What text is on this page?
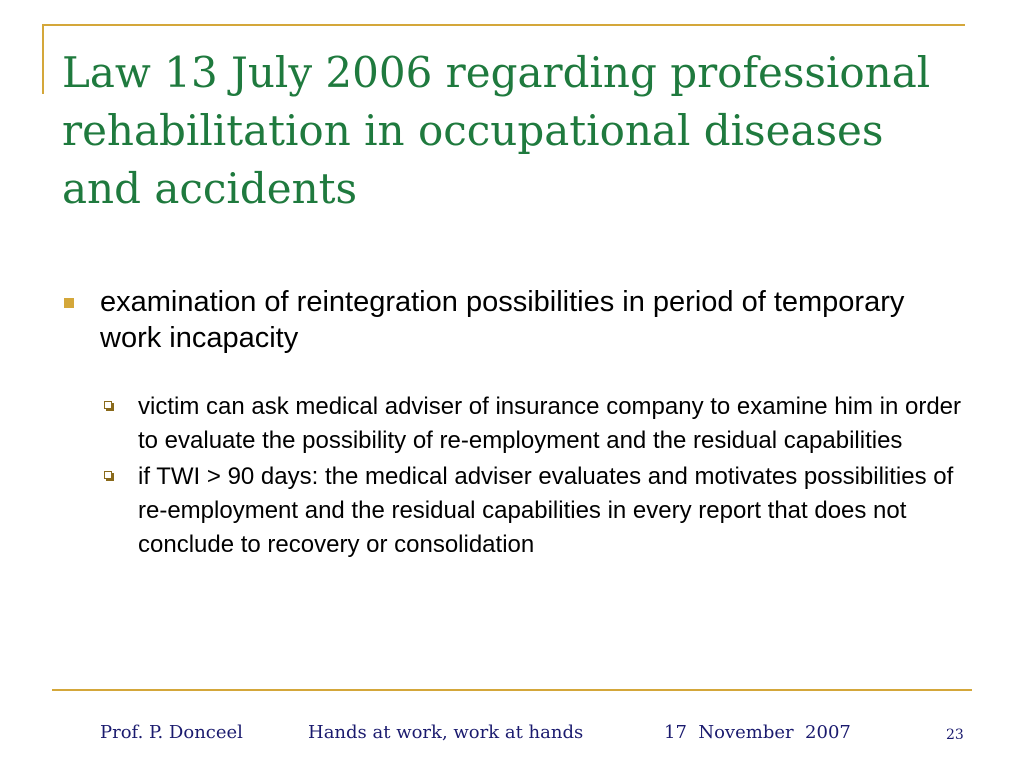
Law 13 July 2006 regarding professional rehabilitation in occupational diseases and accidents
examination of reintegration possibilities in period of temporary work incapacity
victim can ask medical adviser of insurance company to examine him in order to evaluate the possibility of re-employment and the residual capabilities
if TWI > 90 days: the medical adviser evaluates and motivates possibilities of re-employment and the residual capabilities in every report that does not conclude to recovery or consolidation
Prof. P. Donceel	Hands at work, work at hands	17  November  2007	23
